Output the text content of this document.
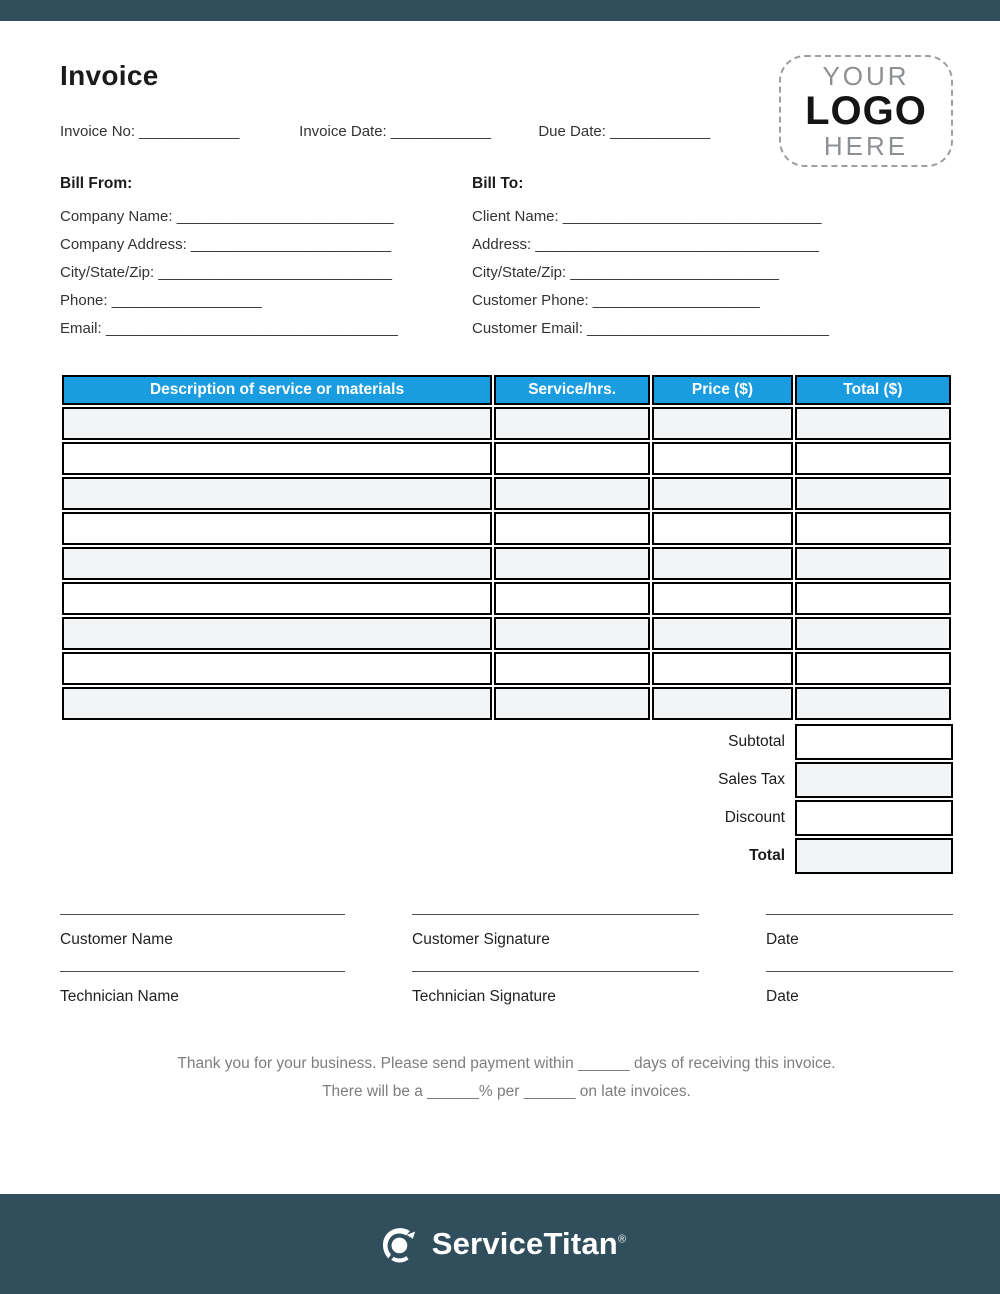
Invoice
Invoice No: ____________	Invoice Date: ____________	Due Date: ____________
YOUR
LOGO
HERE
Bill From:
Company Name: __________________________
Company Address: ________________________
City/State/Zip: ____________________________
Phone: __________________
Email: ___________________________________
Bill To:
Client Name: _______________________________
Address: __________________________________
City/State/Zip: _________________________
Customer Phone: ____________________
Customer Email: _____________________________
Description of service or materials	Service/hrs.	Price ($)	Total ($)

Subtotal
Sales Tax
Discount
Total
Customer Name	Customer Signature	Date
Technician Name	Technician Signature	Date
Thank you for your business. Please send payment within ______ days of receiving this invoice.
There will be a ______% per ______ on late invoices.
ServiceTitan®
